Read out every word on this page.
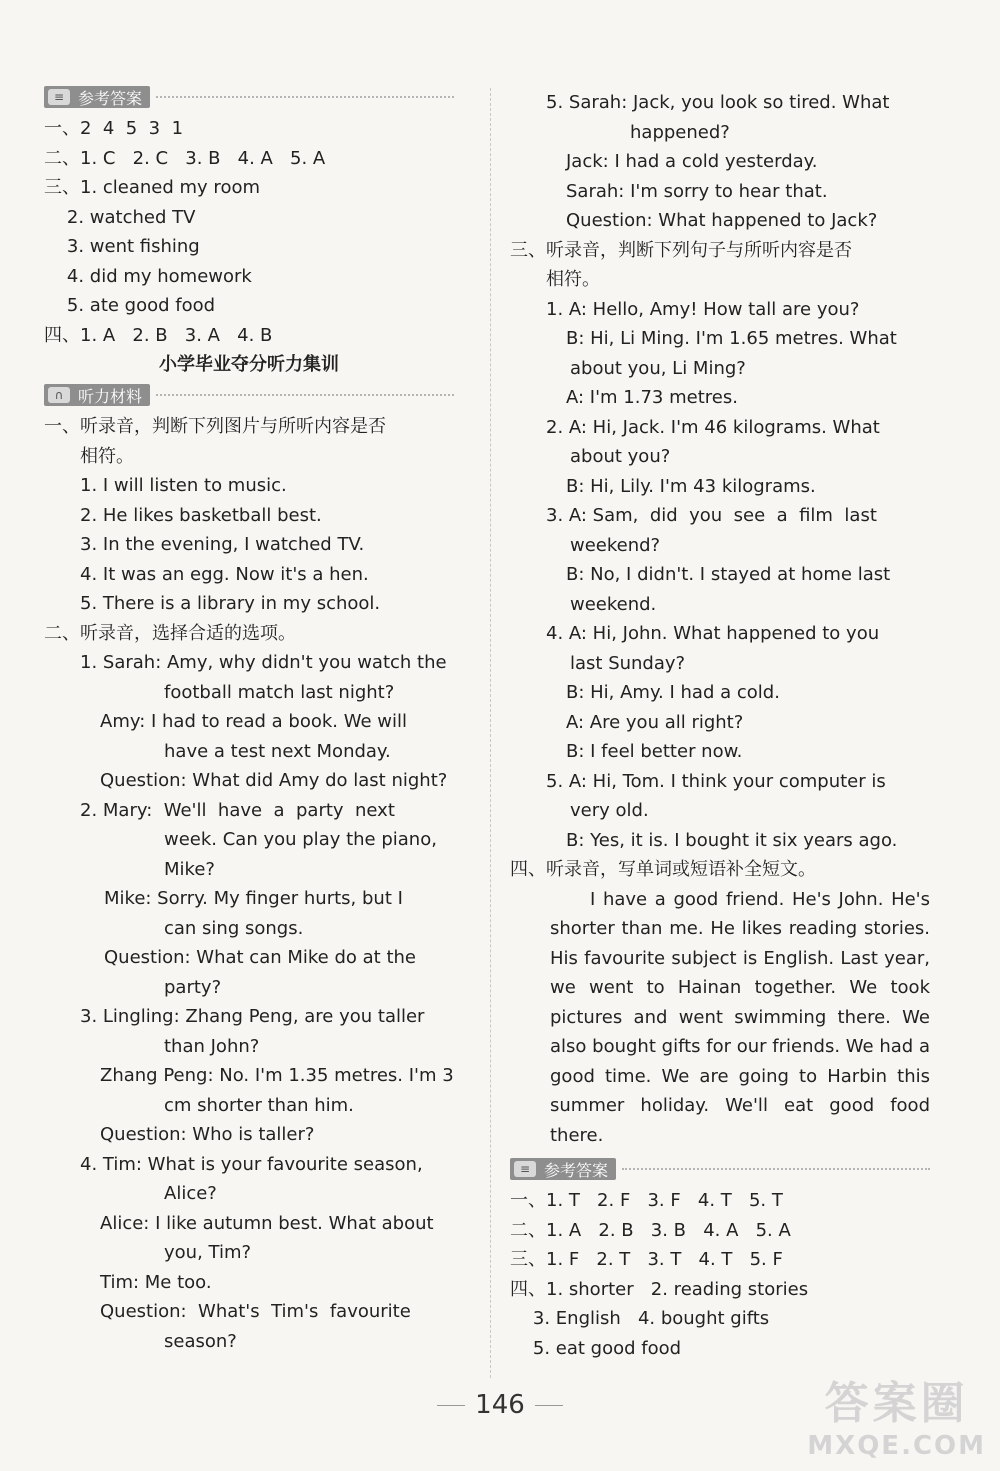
≡ 参考答案
一、2  4  5  3  1
二、1. C   2. C   3. B   4. A   5. A
三、1. cleaned my room
2. watched TV
3. went fishing
4. did my homework
5. ate good food
四、1. A   2. B   3. A   4. B
小学毕业夺分听力集训
∩ 听力材料
一、听录音，判断下列图片与所听内容是否
相符。
1. I will listen to music.
2. He likes basketball best.
3. In the evening, I watched TV.
4. It was an egg. Now it's a hen.
5. There is a library in my school.
二、听录音，选择合适的选项。
1. Sarah: Amy, why didn't you watch the
football match last night?
Amy: I had to read a book. We will
have a test next Monday.
Question: What did Amy do last night?
2. Mary:  We'll  have  a  party  next
week. Can you play the piano,
Mike?
Mike: Sorry. My finger hurts, but I
can sing songs.
Question: What can Mike do at the
party?
3. Lingling: Zhang Peng, are you taller
than John?
Zhang Peng: No. I'm 1.35 metres. I'm 3
cm shorter than him.
Question: Who is taller?
4. Tim: What is your favourite season,
Alice?
Alice: I like autumn best. What about
you, Tim?
Tim: Me too.
Question:  What's  Tim's  favourite
season?
5. Sarah: Jack, you look so tired. What
happened?
Jack: I had a cold yesterday.
Sarah: I'm sorry to hear that.
Question: What happened to Jack?
三、听录音，判断下列句子与所听内容是否
相符。
1. A: Hello, Amy! How tall are you?
B: Hi, Li Ming. I'm 1.65 metres. What
about you, Li Ming?
A: I'm 1.73 metres.
2. A: Hi, Jack. I'm 46 kilograms. What
about you?
B: Hi, Lily. I'm 43 kilograms.
3. A: Sam,  did  you  see  a  film  last
weekend?
B: No, I didn't. I stayed at home last
weekend.
4. A: Hi, John. What happened to you
last Sunday?
B: Hi, Amy. I had a cold.
A: Are you all right?
B: I feel better now.
5. A: Hi, Tom. I think your computer is
very old.
B: Yes, it is. I bought it six years ago.
四、听录音，写单词或短语补全短文。
I have a good friend. He's John. He's shorter than me. He likes reading stories. His favourite subject is English. Last year, we went to Hainan together. We took pictures and went swimming there. We also bought gifts for our friends. We had a good time. We are going to Harbin this summer holiday. We'll eat good food there.
≡ 参考答案
一、1. T   2. F   3. F   4. T   5. T
二、1. A   2. B   3. B   4. A   5. A
三、1. F   2. T   3. T   4. T   5. F
四、1. shorter   2. reading stories
3. English   4. bought gifts
5. eat good food
146	答案圈
MXQE.COM
